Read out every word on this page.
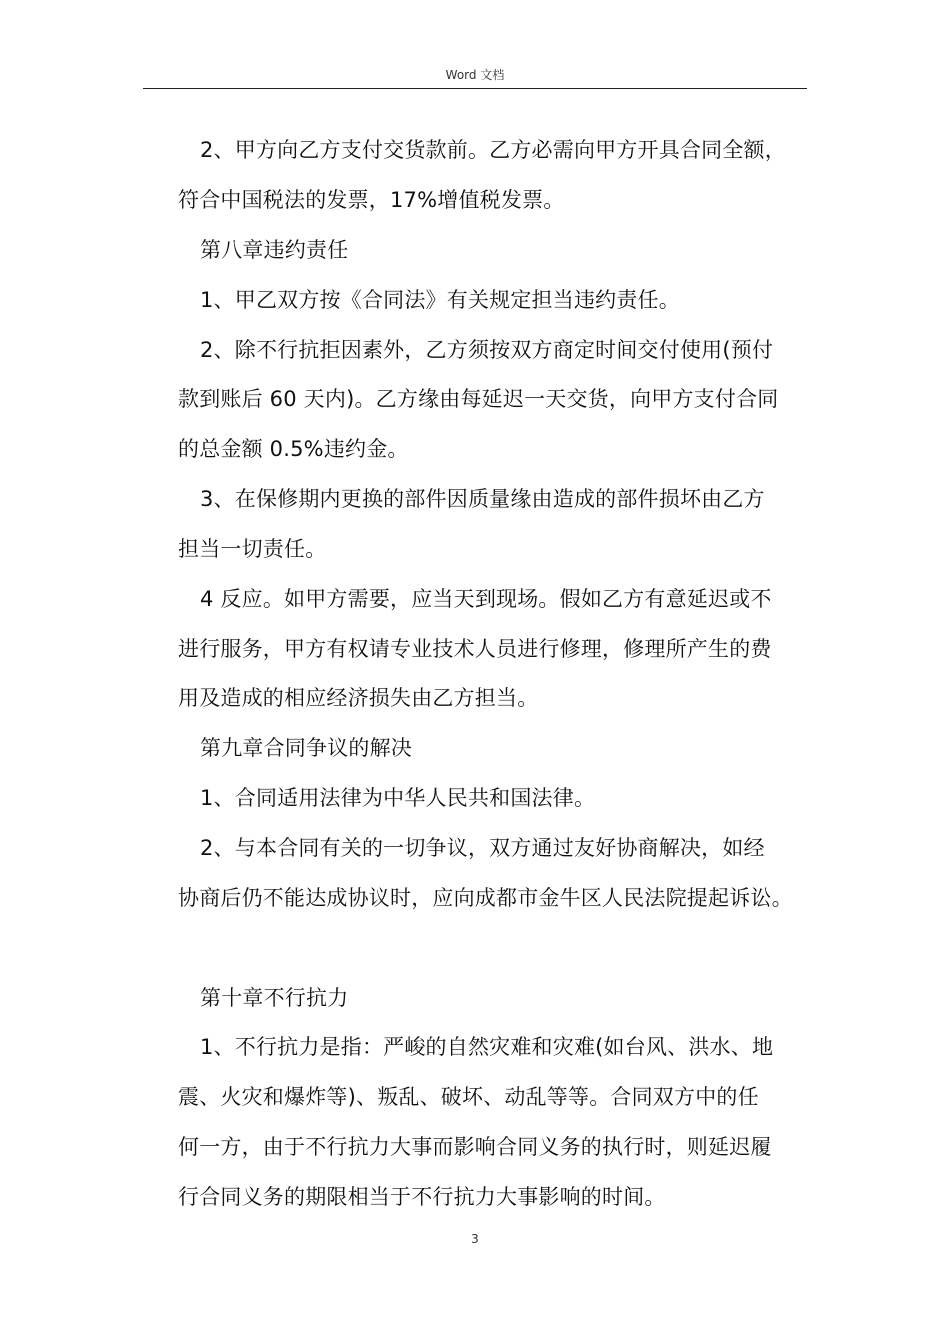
Word 文档
2、甲方向乙方支付交货款前。乙方必需向甲方开具合同全额，
符合中国税法的发票，17%增值税发票。
第八章违约责任
1、甲乙双方按《合同法》有关规定担当违约责任。
2、除不行抗拒因素外，乙方须按双方商定时间交付使用(预付
款到账后 60 天内)。乙方缘由每延迟一天交货，向甲方支付合同
的总金额 0.5%违约金。
3、在保修期内更换的部件因质量缘由造成的部件损坏由乙方
担当一切责任。
4 反应。如甲方需要，应当天到现场。假如乙方有意延迟或不
进行服务，甲方有权请专业技术人员进行修理，修理所产生的费
用及造成的相应经济损失由乙方担当。
第九章合同争议的解决
1、合同适用法律为中华人民共和国法律。
2、与本合同有关的一切争议，双方通过友好协商解决，如经
协商后仍不能达成协议时，应向成都市金牛区人民法院提起诉讼。
第十章不行抗力
1、不行抗力是指：严峻的自然灾难和灾难(如台风、洪水、地
震、火灾和爆炸等)、叛乱、破坏、动乱等等。合同双方中的任
何一方，由于不行抗力大事而影响合同义务的执行时，则延迟履
行合同义务的期限相当于不行抗力大事影响的时间。
3
